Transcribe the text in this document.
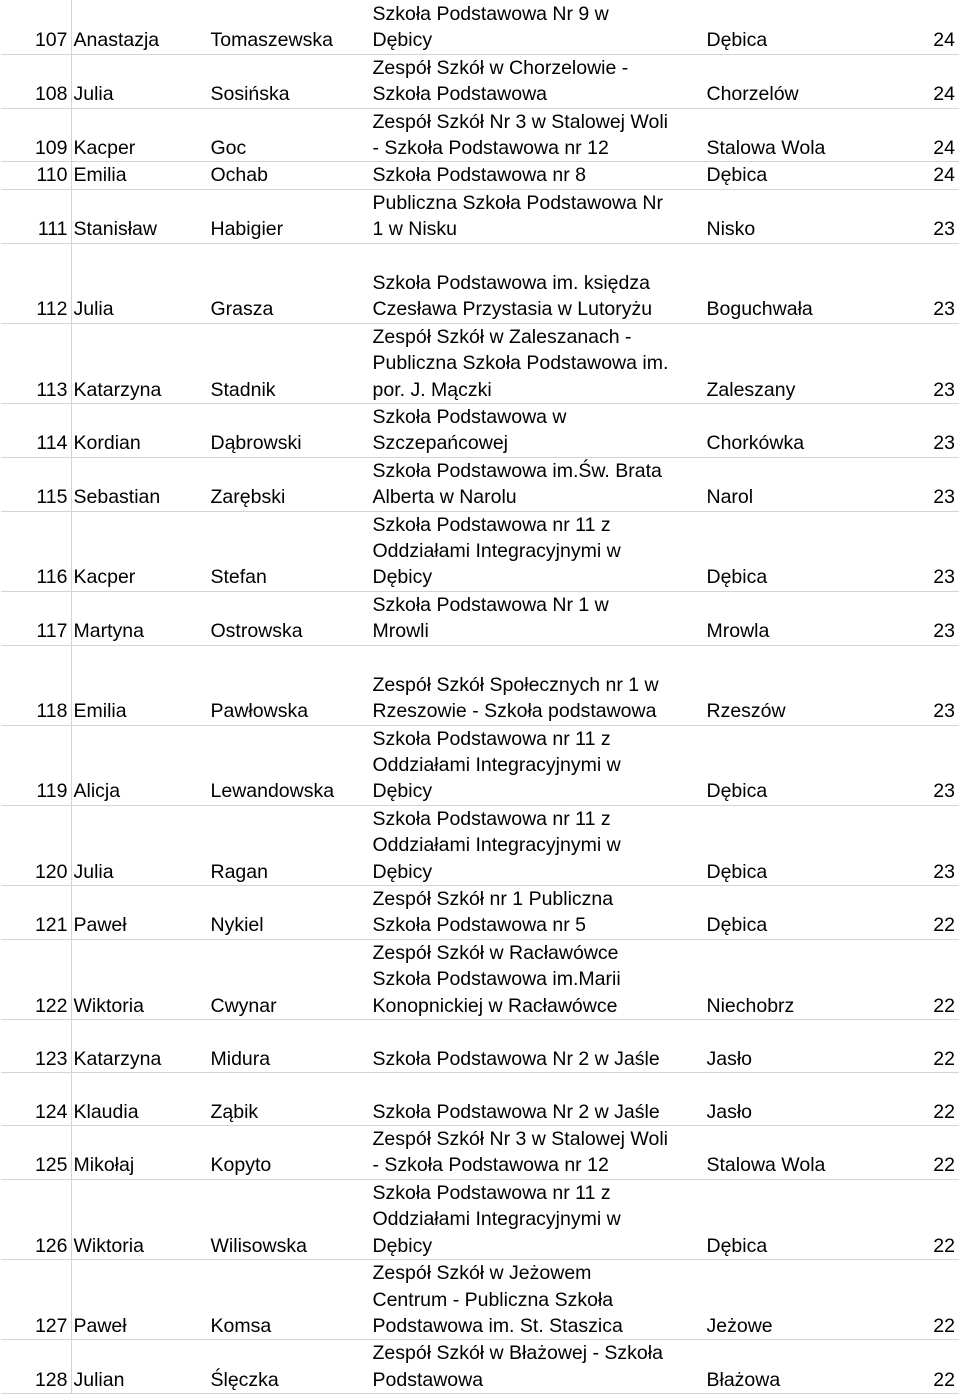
107	Anastazja	Tomaszewska	Szkoła Podstawowa Nr 9 w
Dębicy	Dębica	24
108	Julia	Sosińska	Zespół Szkół w Chorzelowie -
Szkoła Podstawowa	Chorzelów	24
109	Kacper	Goc	Zespół Szkół Nr 3 w Stalowej Woli
- Szkoła Podstawowa nr 12	Stalowa Wola	24
110	Emilia	Ochab	Szkoła Podstawowa nr 8	Dębica	24
111	Stanisław	Habigier	Publiczna Szkoła Podstawowa Nr
1 w Nisku	Nisko	23
112	Julia	Grasza	Szkoła Podstawowa im. księdza
Czesława Przystasia w Lutoryżu	Boguchwała	23
113	Katarzyna	Stadnik	Zespół Szkół w Zaleszanach -
Publiczna Szkoła Podstawowa im.
por. J. Mączki	Zaleszany	23
114	Kordian	Dąbrowski	Szkoła Podstawowa w
Szczepańcowej	Chorkówka	23
115	Sebastian	Zarębski	Szkoła Podstawowa im.Św. Brata
Alberta w Narolu	Narol	23
116	Kacper	Stefan	Szkoła Podstawowa nr 11 z
Oddziałami Integracyjnymi w
Dębicy	Dębica	23
117	Martyna	Ostrowska	Szkoła Podstawowa Nr 1 w
Mrowli	Mrowla	23
118	Emilia	Pawłowska	Zespół Szkół Społecznych nr 1 w
Rzeszowie - Szkoła podstawowa	Rzeszów	23
119	Alicja	Lewandowska	Szkoła Podstawowa nr 11 z
Oddziałami Integracyjnymi w
Dębicy	Dębica	23
120	Julia	Ragan	Szkoła Podstawowa nr 11 z
Oddziałami Integracyjnymi w
Dębicy	Dębica	23
121	Paweł	Nykiel	Zespół Szkół nr 1 Publiczna
Szkoła Podstawowa nr 5	Dębica	22
122	Wiktoria	Cwynar	Zespół Szkół w Racławówce
Szkoła Podstawowa im.Marii
Konopnickiej w Racławówce	Niechobrz	22
123	Katarzyna	Midura	Szkoła Podstawowa Nr 2 w Jaśle	Jasło	22
124	Klaudia	Ząbik	Szkoła Podstawowa Nr 2 w Jaśle	Jasło	22
125	Mikołaj	Kopyto	Zespół Szkół Nr 3 w Stalowej Woli
- Szkoła Podstawowa nr 12	Stalowa Wola	22
126	Wiktoria	Wilisowska	Szkoła Podstawowa nr 11 z
Oddziałami Integracyjnymi w
Dębicy	Dębica	22
127	Paweł	Komsa	Zespół Szkół w Jeżowem
Centrum - Publiczna Szkoła
Podstawowa im. St. Staszica	Jeżowe	22
128	Julian	Ślęczka	Zespół Szkół w Błażowej - Szkoła
Podstawowa	Błażowa	22
